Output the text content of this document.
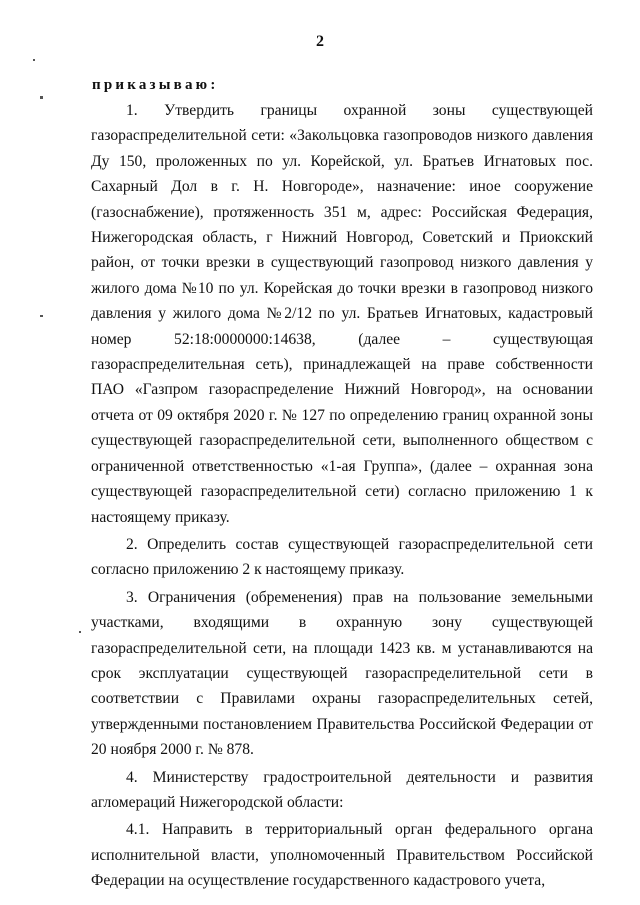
2
приказываю:

1. Утвердить границы охранной зоны существующей газораспределительной сети: «Закольцовка газопроводов низкого давления Ду 150, проложенных по ул. Корейской, ул. Братьев Игнатовых пос. Сахарный Дол в г. Н. Новгороде», назначение: иное сооружение (газоснабжение), протяженность 351 м, адрес: Российская Федерация, Нижегородская область, г Нижний Новгород, Советский и Приокский район, от точки врезки в существующий газопровод низкого давления у жилого дома №10 по ул. Корейская до точки врезки в газопровод низкого давления у жилого дома №2/12 по ул. Братьев Игнатовых, кадастровый номер 52:18:0000000:14638, (далее – существующая газораспределительная сеть), принадлежащей на праве собственности ПАО «Газпром газораспределение Нижний Новгород», на основании отчета от 09 октября 2020 г. № 127 по определению границ охранной зоны существующей газораспределительной сети, выполненного обществом с ограниченной ответственностью «1-ая Группа», (далее – охранная зона существующей газораспределительной сети) согласно приложению 1 к настоящему приказу.

2. Определить состав существующей газораспределительной сети согласно приложению 2 к настоящему приказу.

3. Ограничения (обременения) прав на пользование земельными участками, входящими в охранную зону существующей газораспределительной сети, на площади 1423 кв. м устанавливаются на срок эксплуатации существующей газораспределительной сети в соответствии с Правилами охраны газораспределительных сетей, утвержденными постановлением Правительства Российской Федерации от 20 ноября 2000 г. № 878.

4. Министерству градостроительной деятельности и развития агломераций Нижегородской области:

4.1. Направить в территориальный орган федерального органа исполнительной власти, уполномоченный Правительством Российской Федерации на осуществление государственного кадастрового учета,
